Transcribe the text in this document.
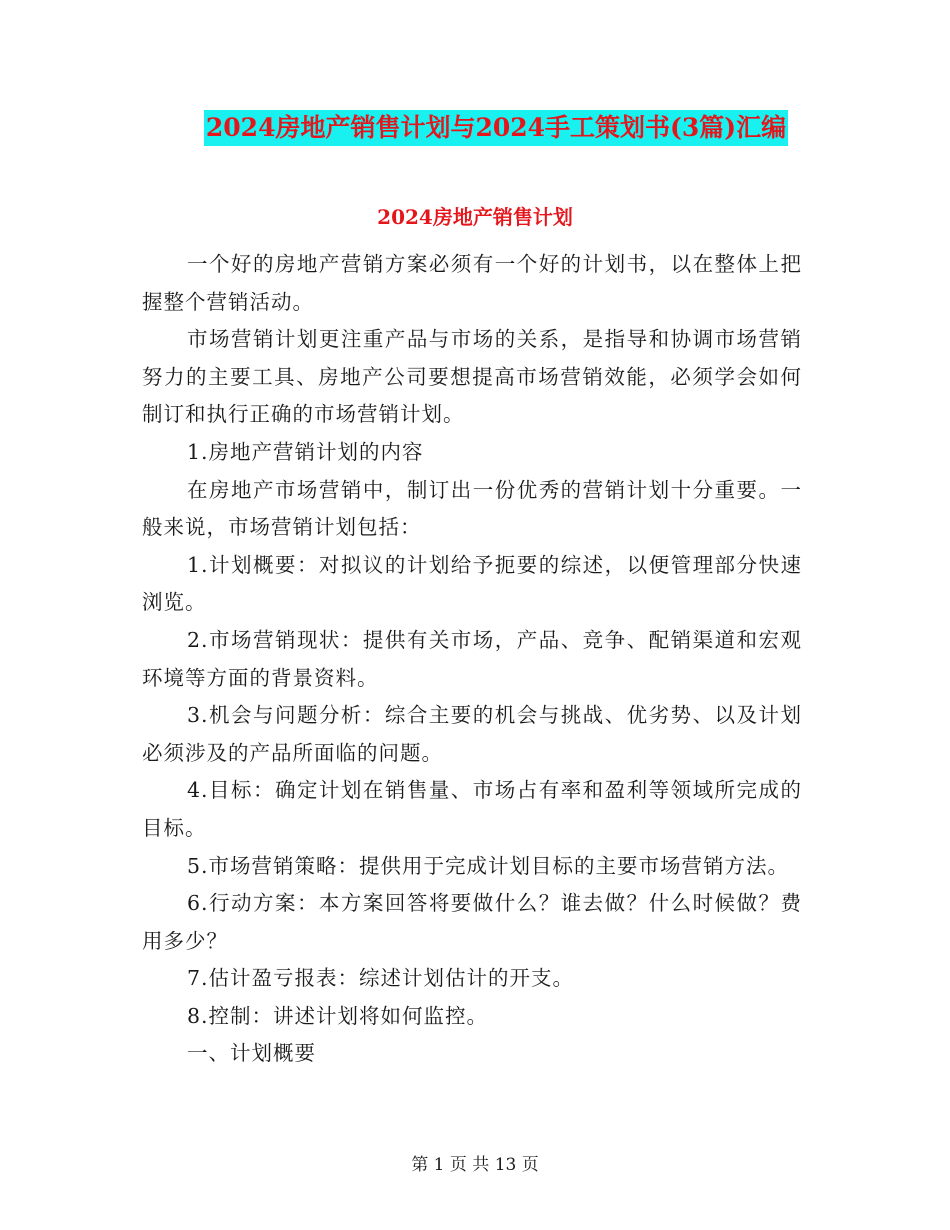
2024房地产销售计划与2024手工策划书(3篇)汇编
2024房地产销售计划

一个好的房地产营销方案必须有一个好的计划书，以在整体上把握整个营销活动。

市场营销计划更注重产品与市场的关系，是指导和协调市场营销努力的主要工具、房地产公司要想提高市场营销效能，必须学会如何制订和执行正确的市场营销计划。

1.房地产营销计划的内容

在房地产市场营销中，制订出一份优秀的营销计划十分重要。一般来说，市场营销计划包括：

1.计划概要：对拟议的计划给予扼要的综述，以便管理部分快速浏览。

2.市场营销现状：提供有关市场，产品、竞争、配销渠道和宏观环境等方面的背景资料。

3.机会与问题分析：综合主要的机会与挑战、优劣势、以及计划必须涉及的产品所面临的问题。

4.目标：确定计划在销售量、市场占有率和盈利等领域所完成的目标。

5.市场营销策略：提供用于完成计划目标的主要市场营销方法。

6.行动方案：本方案回答将要做什么？谁去做？什么时候做？费用多少？

7.估计盈亏报表：综述计划估计的开支。

8.控制：讲述计划将如何监控。

一、计划概要

第 1 页 共 13 页
